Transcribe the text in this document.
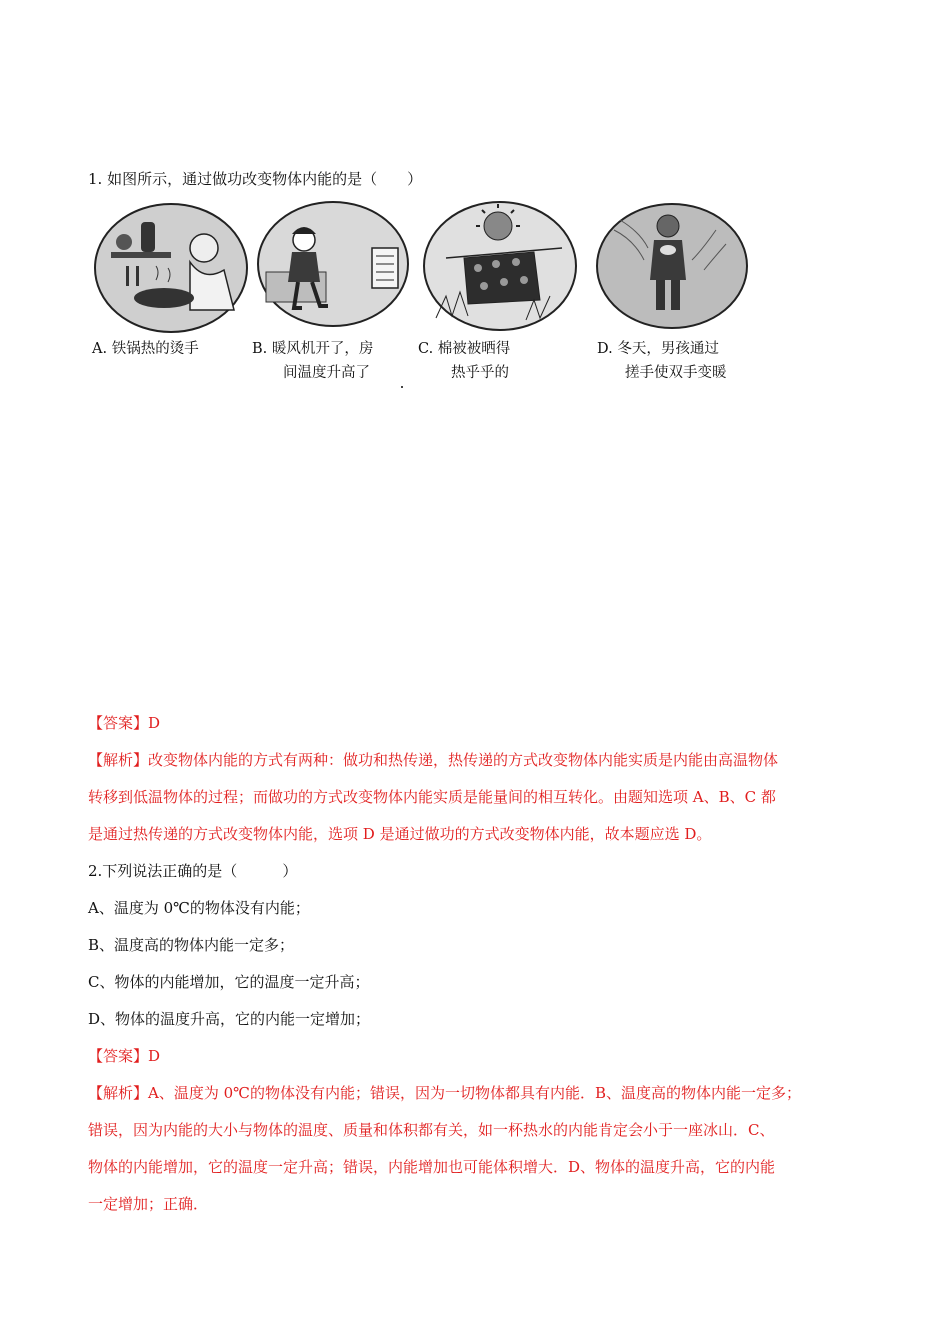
1. 如图所示，通过做功改变物体内能的是（　　）
A. 铁锅热的烫手	B. 暖风机开了，房
间温度升高了
C. 棉被被晒得
热乎乎的
D. 冬天，男孩通过
搓手使双手变暖
【答案】D
【解析】改变物体内能的方式有两种：做功和热传递，热传递的方式改变物体内能实质是内能由高温物体
转移到低温物体的过程；而做功的方式改变物体内能实质是能量间的相互转化。由题知选项 A、B、C 都
是通过热传递的方式改变物体内能，选项 D 是通过做功的方式改变物体内能，故本题应选 D。
2.下列说法正确的是（　　　）
A、温度为 0℃的物体没有内能；
B、温度高的物体内能一定多；
C、物体的内能增加，它的温度一定升高；
D、物体的温度升高，它的内能一定增加；
【答案】D
【解析】A、温度为 0℃的物体没有内能；错误，因为一切物体都具有内能．B、温度高的物体内能一定多；
错误，因为内能的大小与物体的温度、质量和体积都有关，如一杯热水的内能肯定会小于一座冰山．C、
物体的内能增加，它的温度一定升高；错误，内能增加也可能体积增大．D、物体的温度升高，它的内能
一定增加；正确．
